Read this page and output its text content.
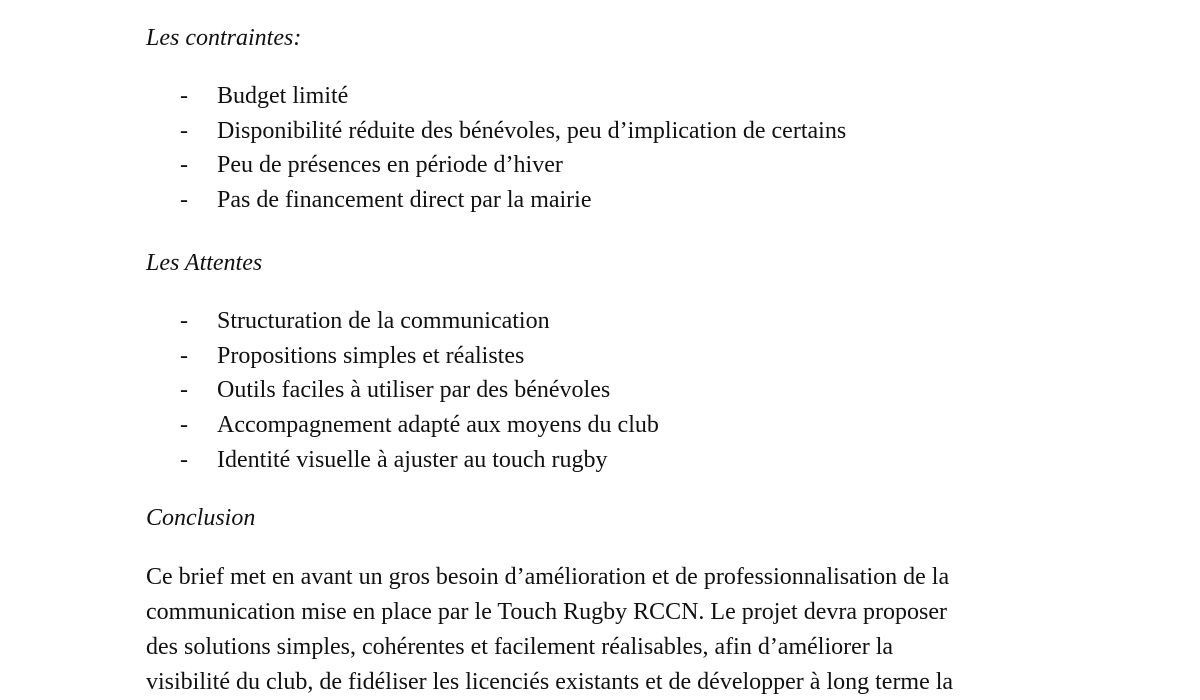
Les contraintes:
- Budget limité
- Disponibilité réduite des bénévoles, peu d’implication de certains
- Peu de présences en période d’hiver
- Pas de financement direct par la mairie
Les Attentes
- Structuration de la communication
- Propositions simples et réalistes
- Outils faciles à utiliser par des bénévoles
- Accompagnement adapté aux moyens du club
- Identité visuelle à ajuster au touch rugby
Conclusion

Ce brief met en avant un gros besoin d’amélioration et de professionnalisation de la
communication mise en place par le Touch Rugby RCCN. Le projet devra proposer
des solutions simples, cohérentes et facilement réalisables, afin d’améliorer la
visibilité du club, de fidéliser les licenciés existants et de développer à long terme la
